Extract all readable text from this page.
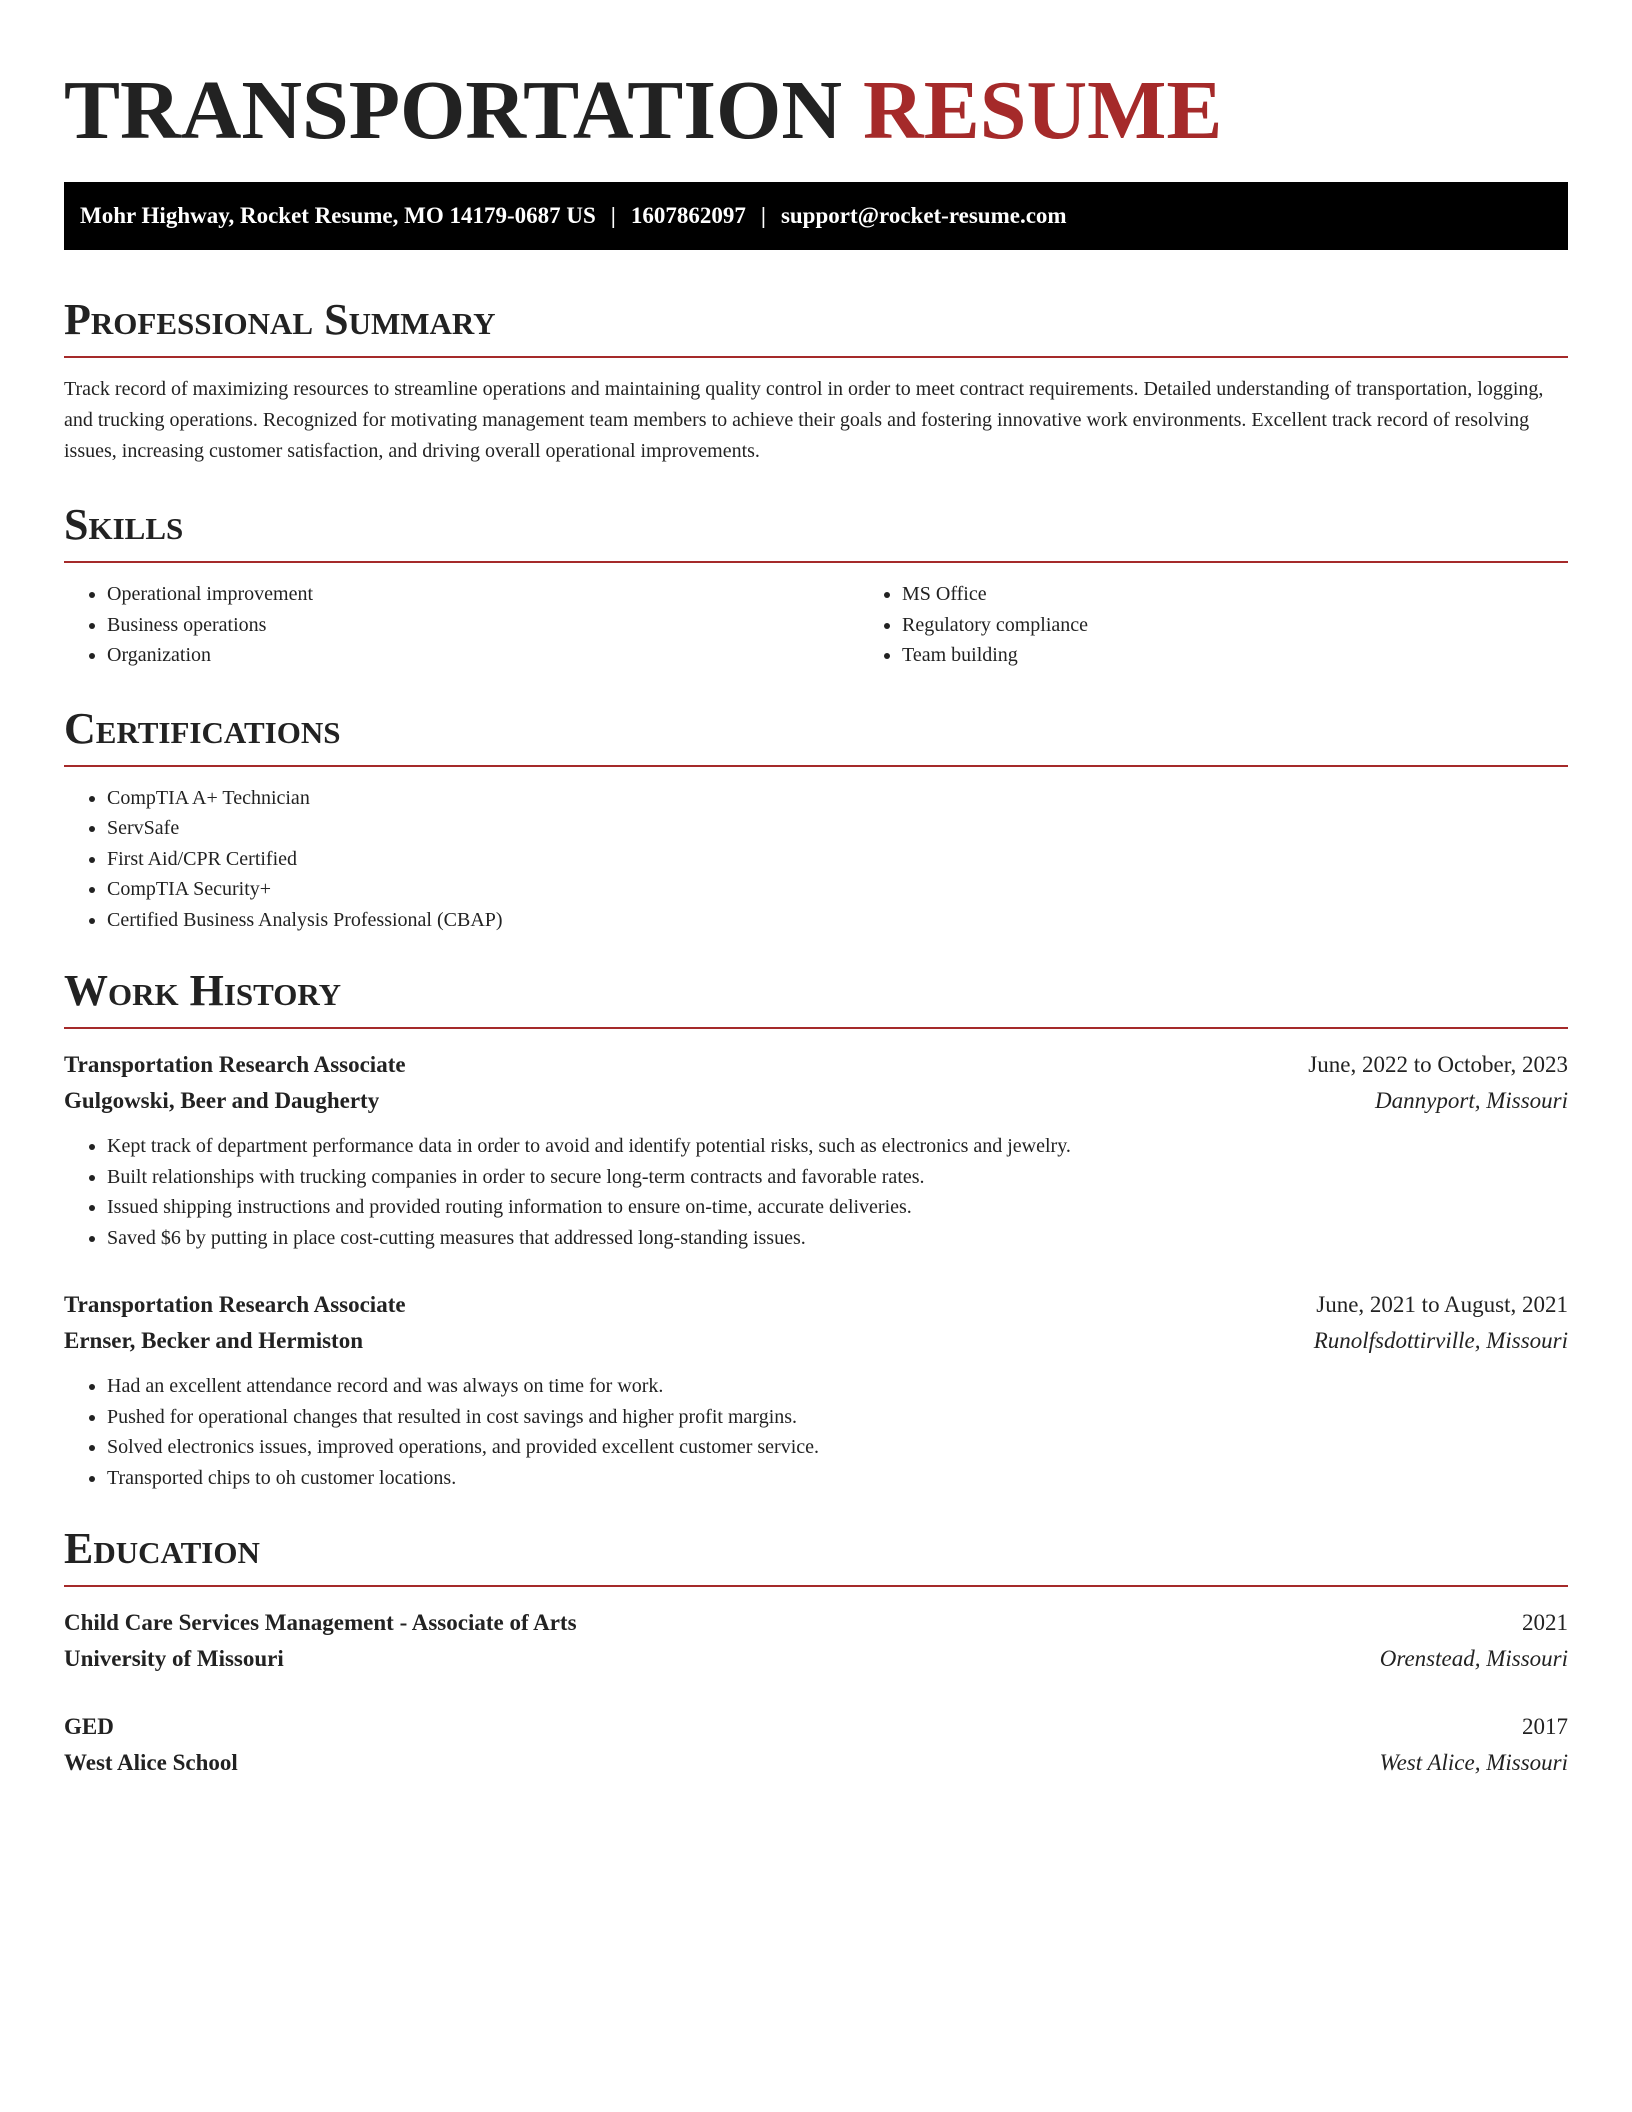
TRANSPORTATION RESUME
Mohr Highway, Rocket Resume, MO 14179-0687 US | 1607862097 | support@rocket-resume.com
Professional Summary

Track record of maximizing resources to streamline operations and maintaining quality control in order to meet contract requirements. Detailed understanding of transportation, logging, and trucking operations. Recognized for motivating management team members to achieve their goals and fostering innovative work environments. Excellent track record of resolving issues, increasing customer satisfaction, and driving overall operational improvements.

Skills
• Operational improvement
• Business operations
• Organization
• MS Office
• Regulatory compliance
• Team building
Certifications
• CompTIA A+ Technician
• ServSafe
• First Aid/CPR Certified
• CompTIA Security+
• Certified Business Analysis Professional (CBAP)
Work History
Transportation Research Associate	June, 2022 to October, 2023
Gulgowski, Beer and Daugherty	Dannyport, Missouri
• Kept track of department performance data in order to avoid and identify potential risks, such as electronics and jewelry.
• Built relationships with trucking companies in order to secure long-term contracts and favorable rates.
• Issued shipping instructions and provided routing information to ensure on-time, accurate deliveries.
• Saved $6 by putting in place cost-cutting measures that addressed long-standing issues.
Transportation Research Associate	June, 2021 to August, 2021
Ernser, Becker and Hermiston	Runolfsdottirville, Missouri
• Had an excellent attendance record and was always on time for work.
• Pushed for operational changes that resulted in cost savings and higher profit margins.
• Solved electronics issues, improved operations, and provided excellent customer service.
• Transported chips to oh customer locations.
Education
Child Care Services Management - Associate of Arts	2021
University of Missouri	Orenstead, Missouri
GED	2017
West Alice School	West Alice, Missouri
